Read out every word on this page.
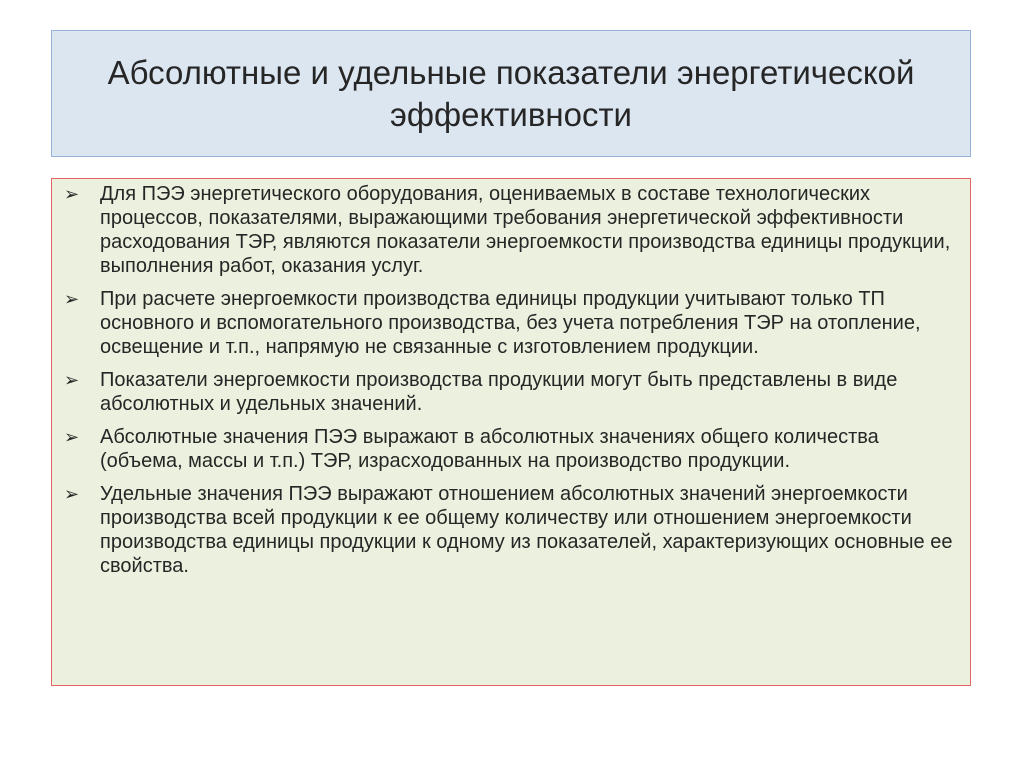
Абсолютные и удельные показатели энергетической эффективности
➢	Для ПЭЭ энергетического оборудования, оцениваемых в составе технологических процессов, показателями, выражающими требования энергетической эффективности расходования ТЭР, являются показатели энергоемкости производства единицы продукции, выполнения работ, оказания услуг.
➢	При расчете энергоемкости производства единицы продукции учитывают только ТП основного и вспомогательного производства, без учета потребления ТЭР на отопление, освещение и т.п., напрямую не связанные с изготовлением продукции.
➢	Показатели энергоемкости производства продукции могут быть представлены в виде абсолютных и удельных значений.
➢	Абсолютные значения ПЭЭ выражают в абсолютных значениях общего количества (объема, массы и т.п.) ТЭР, израсходованных на производство продукции.
➢	Удельные значения ПЭЭ выражают отношением абсолютных значений энергоемкости производства всей продукции к ее общему количеству или отношением энергоемкости производства единицы продукции к одному из показателей, характеризующих основные ее свойства.
